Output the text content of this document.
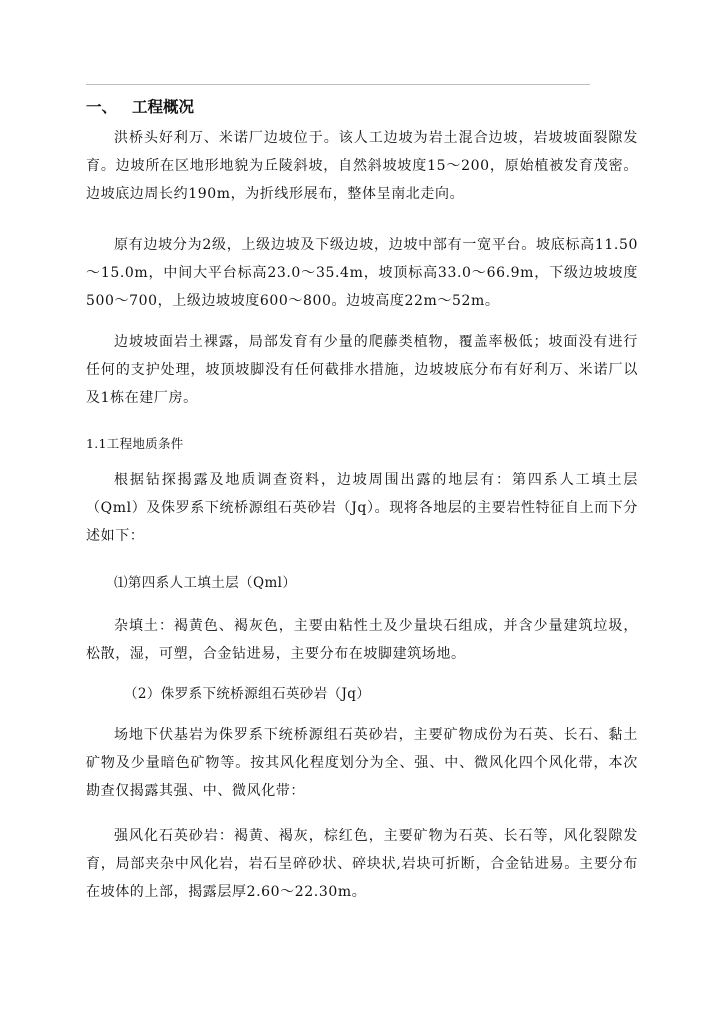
一、 工程概况

洪桥头好利万、米诺厂边坡位于。该人工边坡为岩土混合边坡，岩坡坡面裂隙发育。边坡所在区地形地貌为丘陵斜坡，自然斜坡坡度15～200，原始植被发育茂密。边坡底边周长约190m，为折线形展布，整体呈南北走向。

原有边坡分为2级，上级边坡及下级边坡，边坡中部有一宽平台。坡底标高11.50～15.0m，中间大平台标高23.0～35.4m，坡顶标高33.0～66.9m，下级边坡坡度500～700，上级边坡坡度600～800。边坡高度22m～52m。

边坡坡面岩土裸露，局部发育有少量的爬藤类植物，覆盖率极低；坡面没有进行任何的支护处理，坡顶坡脚没有任何截排水措施，边坡坡底分布有好利万、米诺厂以及1栋在建厂房。

1.1工程地质条件

根据钻探揭露及地质调查资料，边坡周围出露的地层有：第四系人工填土层（Qml）及侏罗系下统桥源组石英砂岩（Jq）。现将各地层的主要岩性特征自上而下分述如下：

⑴第四系人工填土层（Qml）

杂填土：褐黄色、褐灰色，主要由粘性土及少量块石组成，并含少量建筑垃圾，松散，湿，可塑，合金钻进易，主要分布在坡脚建筑场地。

（2）侏罗系下统桥源组石英砂岩（Jq）

场地下伏基岩为侏罗系下统桥源组石英砂岩，主要矿物成份为石英、长石、黏土矿物及少量暗色矿物等。按其风化程度划分为全、强、中、微风化四个风化带，本次勘查仅揭露其强、中、微风化带：

强风化石英砂岩：褐黄、褐灰，棕红色，主要矿物为石英、长石等，风化裂隙发育，局部夹杂中风化岩，岩石呈碎砂状、碎块状,岩块可折断，合金钻进易。主要分布在坡体的上部，揭露层厚2.60～22.30m。
